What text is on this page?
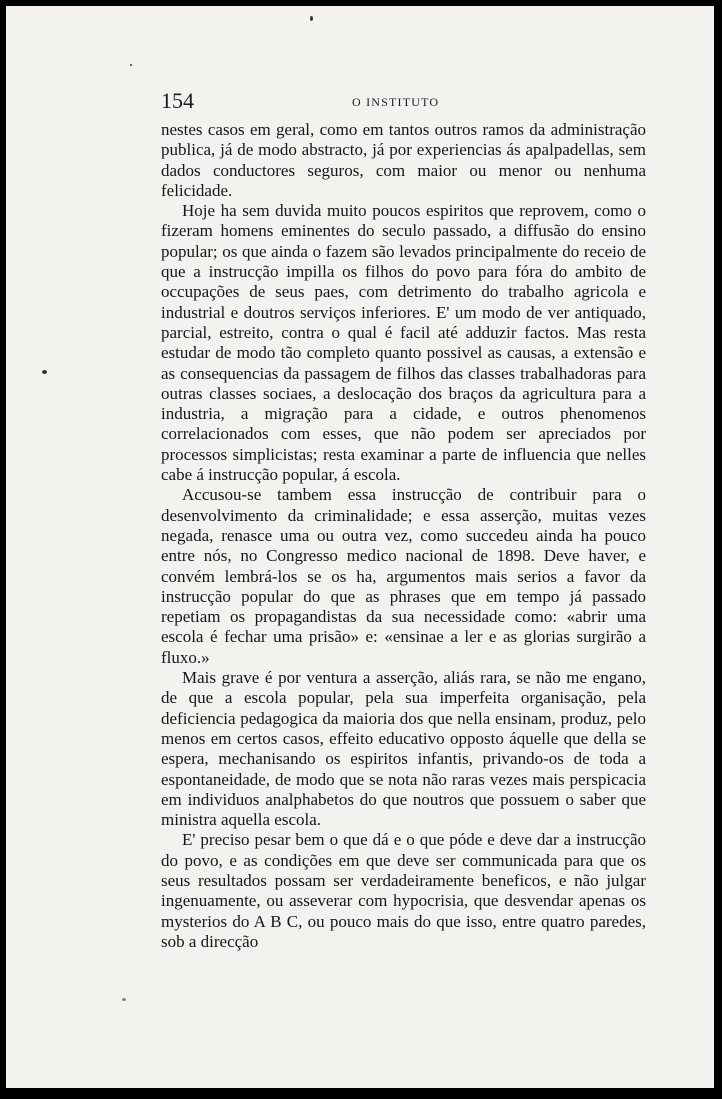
154	O INSTITUTO

nestes casos em geral, como em tantos outros ramos da administração publica, já de modo abstracto, já por experiencias ás apalpadellas, sem dados conductores seguros, com maior ou menor ou nenhuma felicidade.

Hoje ha sem duvida muito poucos espiritos que reprovem, como o fizeram homens eminentes do seculo passado, a diffusão do ensino popular; os que ainda o fazem são levados principalmente do receio de que a instrucção impilla os filhos do povo para fóra do ambito de occupações de seus paes, com detrimento do trabalho agricola e industrial e doutros serviços inferiores. E' um modo de ver antiquado, parcial, estreito, contra o qual é facil até adduzir factos. Mas resta estudar de modo tão completo quanto possivel as causas, a extensão e as consequencias da passagem de filhos das classes trabalhadoras para outras classes sociaes, a deslocação dos braços da agricultura para a industria, a migração para a cidade, e outros phenomenos correlacionados com esses, que não podem ser apreciados por processos simplicistas; resta examinar a parte de influencia que nelles cabe á instrucção popular, á escola.

Accusou-se tambem essa instrucção de contribuir para o desenvolvimento da criminalidade; e essa asserção, muitas vezes negada, renasce uma ou outra vez, como succedeu ainda ha pouco entre nós, no Congresso medico nacional de 1898. Deve haver, e convém lembrá-los se os ha, argumentos mais serios a favor da instrucção popular do que as phrases que em tempo já passado repetiam os propagandistas da sua necessidade como: «abrir uma escola é fechar uma prisão» e: «ensinae a ler e as glorias surgirão a fluxo.»

Mais grave é por ventura a asserção, aliás rara, se não me engano, de que a escola popular, pela sua imperfeita organisação, pela deficiencia pedagogica da maioria dos que nella ensinam, produz, pelo menos em certos casos, effeito educativo opposto áquelle que della se espera, mechanisando os espiritos infantis, privando-os de toda a espontaneidade, de modo que se nota não raras vezes mais perspicacia em individuos analphabetos do que noutros que possuem o saber que ministra aquella escola.

E' preciso pesar bem o que dá e o que póde e deve dar a instrucção do povo, e as condições em que deve ser communicada para que os seus resultados possam ser verdadeiramente beneficos, e não julgar ingenuamente, ou asseverar com hypocrisia, que desvendar apenas os mysterios do A B C, ou pouco mais do que isso, entre quatro paredes, sob a direcção
